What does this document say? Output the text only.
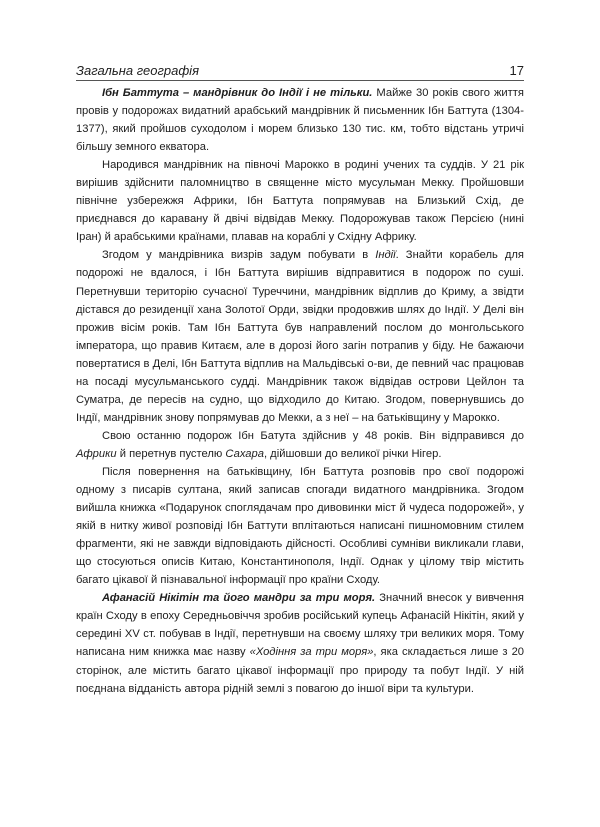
Загальна географія	17

Ібн Баттута – мандрівник до Індії і не тільки. Майже 30 років свого життя провів у подорожах видатний арабський мандрівник й письменник Ібн Баттута (1304-1377), який пройшов суходолом і морем близько 130 тис. км, тобто відстань утричі більшу земного екватора.

Народився мандрівник на півночі Марокко в родині учених та суддів. У 21 рік вирішив здійснити паломництво в священне місто мусульман Мекку. Пройшовши північне узбережжя Африки, Ібн Баттута попрямував на Близький Схід, де приєднався до каравану й двічі відвідав Мекку. Подорожував також Персією (нині Іран) й арабськими країнами, плавав на кораблі у Східну Африку.

Згодом у мандрівника визрів задум побувати в Індії. Знайти корабель для подорожі не вдалося, і Ібн Баттута вирішив відправитися в подорож по суші. Перетнувши територію сучасної Туреччини, мандрівник відплив до Криму, а звідти дістався до резиденції хана Золотої Орди, звідки продовжив шлях до Індії. У Делі він прожив вісім років. Там Ібн Баттута був направлений послом до монгольського імператора, що правив Китаєм, але в дорозі його загін потрапив у біду. Не бажаючи повертатися в Делі, Ібн Баттута відплив на Мальдівські о-ви, де певний час працював на посаді мусульманського судді. Мандрівник також відвідав острови Цейлон та Суматра, де пересів на судно, що відходило до Китаю. Згодом, повернувшись до Індії, мандрівник знову попрямував до Мекки, а з неї – на батьківщину у Марокко.

Свою останню подорож Ібн Батута здійснив у 48 років. Він відправився до Африки й перетнув пустелю Сахара, дійшовши до великої річки Нігер.

Після повернення на батьківщину, Ібн Баттута розповів про свої подорожі одному з писарів султана, який записав спогади видатного мандрівника. Згодом вийшла книжка «Подарунок споглядачам про дивовинки міст й чудеса подорожей», у якій в нитку живої розповіді Ібн Баттути вплітаються написані пишномовним стилем фрагменти, які не завжди відповідають дійсності. Особливі сумніви викликали глави, що стосуються описів Китаю, Константинополя, Індії. Однак у цілому твір містить багато цікавої й пізнавальної інформації про країни Сходу.

Афанасій Нікітін та його мандри за три моря. Значний внесок у вивчення країн Сходу в епоху Середньовіччя зробив російський купець Афанасій Нікітін, який у середині XV ст. побував в Індії, перетнувши на своєму шляху три великих моря. Тому написана ним книжка має назву «Ходіння за три моря», яка складається лише з 20 сторінок, але містить багато цікавої інформації про природу та побут Індії. У ній поєднана відданість автора рідній землі з повагою до іншої віри та культури.
